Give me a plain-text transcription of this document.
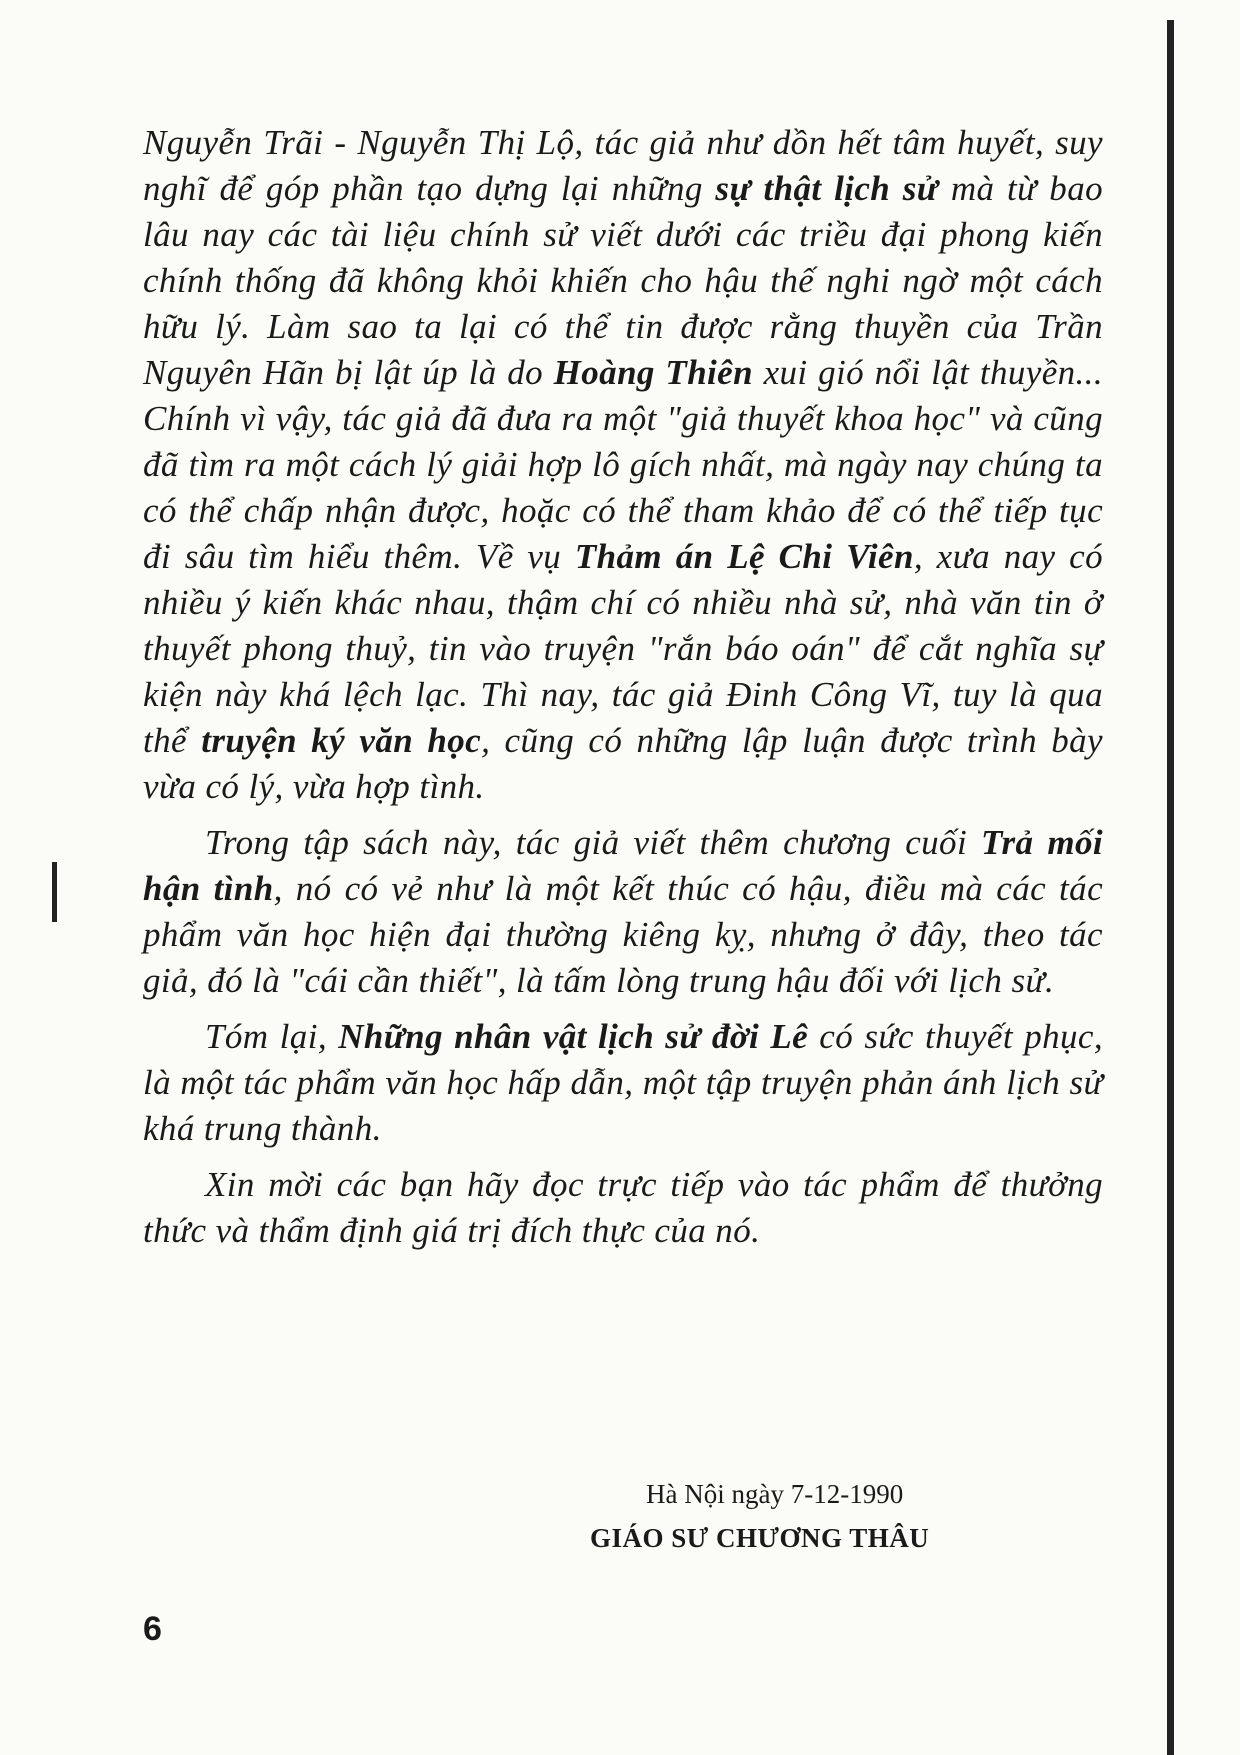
Nguyễn Trãi - Nguyễn Thị Lộ, tác giả như dồn hết tâm huyết, suy nghĩ để góp phần tạo dựng lại những sự thật lịch sử mà từ bao lâu nay các tài liệu chính sử viết dưới các triều đại phong kiến chính thống đã không khỏi khiến cho hậu thế nghi ngờ một cách hữu lý. Làm sao ta lại có thể tin được rằng thuyền của Trần Nguyên Hãn bị lật úp là do Hoàng Thiên xui gió nổi lật thuyền... Chính vì vậy, tác giả đã đưa ra một "giả thuyết khoa học" và cũng đã tìm ra một cách lý giải hợp lô gích nhất, mà ngày nay chúng ta có thể chấp nhận được, hoặc có thể tham khảo để có thể tiếp tục đi sâu tìm hiểu thêm. Về vụ Thảm án Lệ Chi Viên, xưa nay có nhiều ý kiến khác nhau, thậm chí có nhiều nhà sử, nhà văn tin ở thuyết phong thuỷ, tin vào truyện "rắn báo oán" để cắt nghĩa sự kiện này khá lệch lạc. Thì nay, tác giả Đinh Công Vĩ, tuy là qua thể truyện ký văn học, cũng có những lập luận được trình bày vừa có lý, vừa hợp tình.

Trong tập sách này, tác giả viết thêm chương cuối Trả mối hận tình, nó có vẻ như là một kết thúc có hậu, điều mà các tác phẩm văn học hiện đại thường kiêng kỵ, nhưng ở đây, theo tác giả, đó là "cái cần thiết", là tấm lòng trung hậu đối với lịch sử.

Tóm lại, Những nhân vật lịch sử đời Lê có sức thuyết phục, là một tác phẩm văn học hấp dẫn, một tập truyện phản ánh lịch sử khá trung thành.

Xin mời các bạn hãy đọc trực tiếp vào tác phẩm để thưởng thức và thẩm định giá trị đích thực của nó.

Hà Nội ngày 7-12-1990
GIÁO SƯ CHƯƠNG THÂU
6
